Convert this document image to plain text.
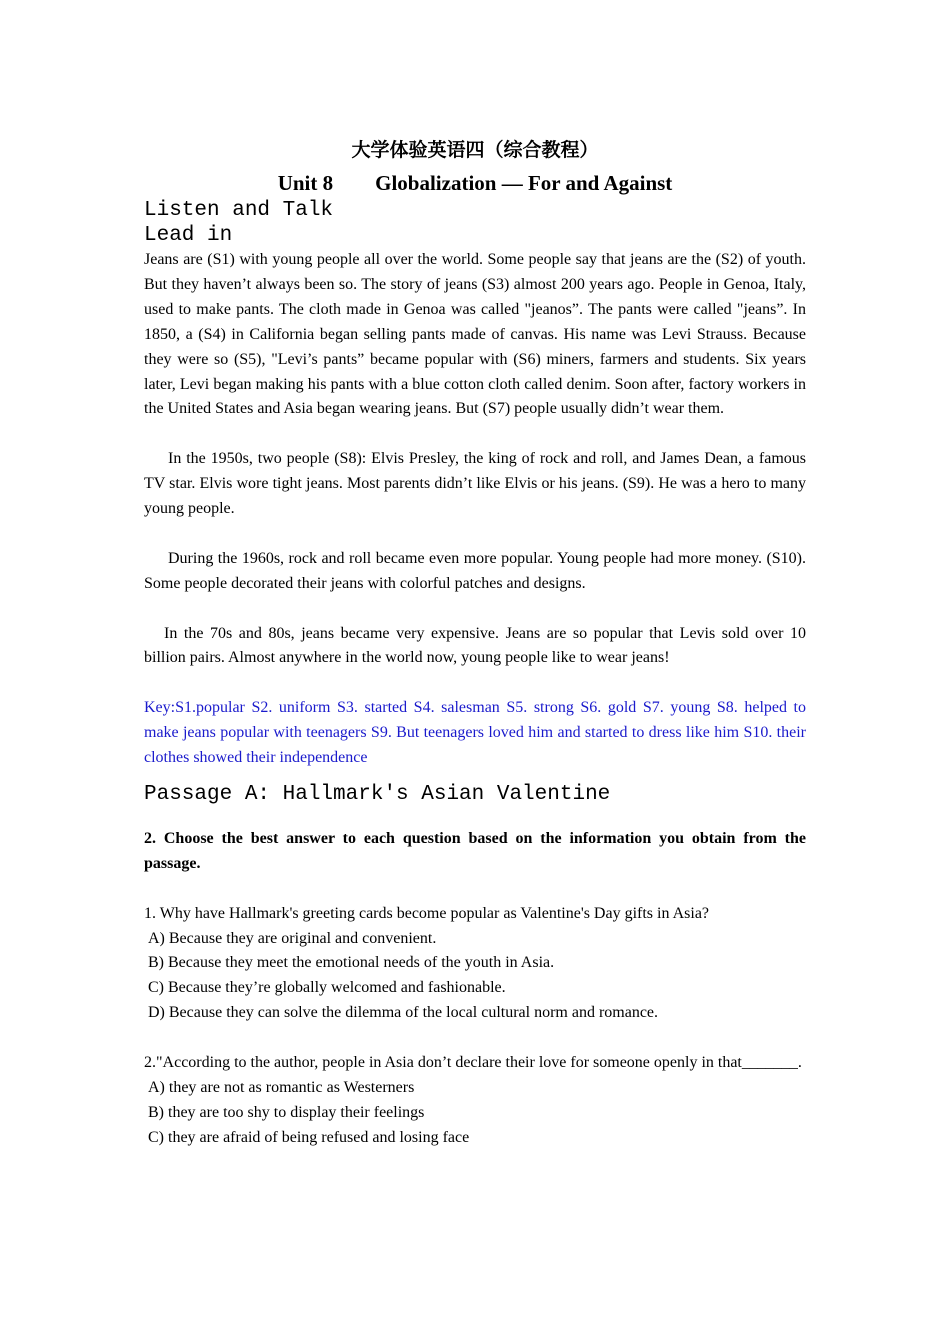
大学体验英语四（综合教程）
Unit 8        Globalization — For and Against
Listen and Talk
Lead in

Jeans are (S1) with young people all over the world. Some people say that jeans are the (S2) of youth. But they haven’t always been so. The story of jeans (S3) almost 200 years ago. People in Genoa, Italy, used to make pants. The cloth made in Genoa was called "jeanos”. The pants were called "jeans”. In 1850, a (S4) in California began selling pants made of canvas. His name was Levi Strauss. Because they were so (S5), "Levi’s pants” became popular with (S6) miners, farmers and students. Six years later, Levi began making his pants with a blue cotton cloth called denim. Soon after, factory workers in the United States and Asia began wearing jeans. But (S7) people usually didn’t wear them.

In the 1950s, two people (S8): Elvis Presley, the king of rock and roll, and James Dean, a famous TV star. Elvis wore tight jeans. Most parents didn’t like Elvis or his jeans. (S9). He was a hero to many young people.

During the 1960s, rock and roll became even more popular. Young people had more money. (S10). Some people decorated their jeans with colorful patches and designs.

In the 70s and 80s, jeans became very expensive. Jeans are so popular that Levis sold over 10 billion pairs. Almost anywhere in the world now, young people like to wear jeans!

Key:S1.popular S2. uniform S3. started S4. salesman S5. strong S6. gold S7. young S8. helped to make jeans popular with teenagers S9. But teenagers loved him and started to dress like him S10. their clothes showed their independence

Passage A: Hallmark's Asian Valentine

2. Choose the best answer to each question based on the information you obtain from the passage.

1. Why have Hallmark's greeting cards become popular as Valentine's Day gifts in Asia?

A) Because they are original and convenient.

B) Because they meet the emotional needs of the youth in Asia.

C) Because they’re globally welcomed and fashionable.

D) Because they can solve the dilemma of the local cultural norm and romance.

2."According to the author, people in Asia don’t declare their love for someone openly in that_______.

A) they are not as romantic as Westerners

B) they are too shy to display their feelings

C) they are afraid of being refused and losing face
